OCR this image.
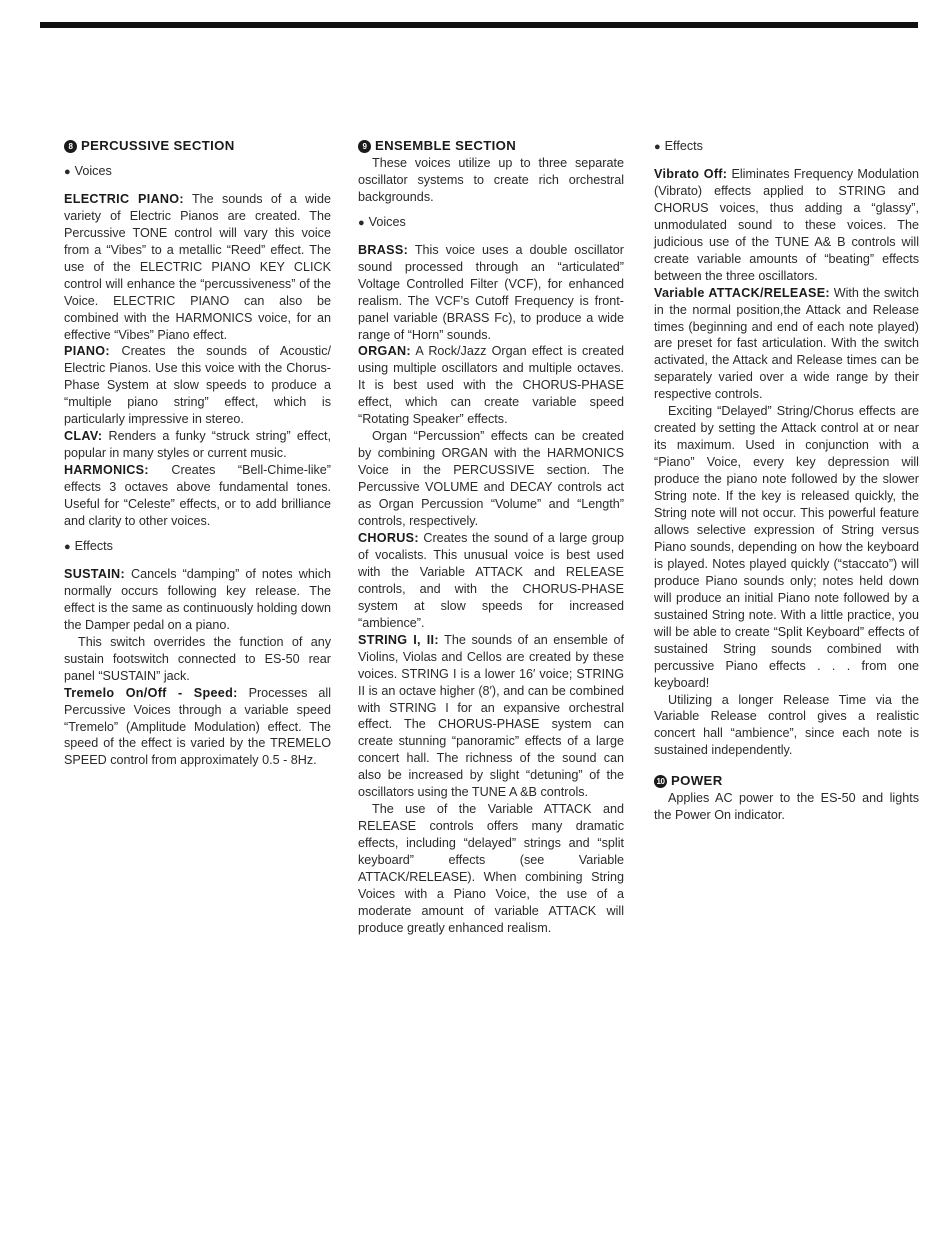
8 PERCUSSIVE SECTION

● Voices

ELECTRIC PIANO: The sounds of a wide variety of Electric Pianos are created. The Percussive TONE control will vary this voice from a “Vibes” to a metallic “Reed” effect. The use of the ELECTRIC PIANO KEY CLICK control will enhance the “percussiveness” of the Voice. ELECTRIC PIANO can also be combined with the HARMONICS voice, for an effective “Vibes” Piano effect.

PIANO: Creates the sounds of Acoustic/ Electric Pianos. Use this voice with the Chorus-Phase System at slow speeds to produce a “multiple piano string” effect, which is particularly impressive in stereo.

CLAV: Renders a funky “struck string” effect, popular in many styles or current music.

HARMONICS: Creates “Bell-Chime-like” effects 3 octaves above fundamental tones. Useful for “Celeste” effects, or to add brilliance and clarity to other voices.

● Effects

SUSTAIN: Cancels “damping” of notes which normally occurs following key release. The effect is the same as continuously holding down the Damper pedal on a piano.

This switch overrides the function of any sustain footswitch connected to ES-50 rear panel “SUSTAIN” jack.

Tremelo On/Off - Speed: Processes all Percussive Voices through a variable speed “Tremelo” (Amplitude Modulation) effect. The speed of the effect is varied by the TREMELO SPEED control from approximately 0.5 - 8Hz.

9 ENSEMBLE SECTION

These voices utilize up to three separate oscillator systems to create rich orchestral backgrounds.

● Voices

BRASS: This voice uses a double oscillator sound processed through an “articulated” Voltage Controlled Filter (VCF), for enhanced realism. The VCF’s Cutoff Frequency is front-panel variable (BRASS Fc), to produce a wide range of “Horn” sounds.

ORGAN: A Rock/Jazz Organ effect is created using multiple oscillators and multiple octaves. It is best used with the CHORUS-PHASE effect, which can create variable speed “Rotating Speaker” effects.

Organ “Percussion” effects can be created by combining ORGAN with the HARMONICS Voice in the PERCUSSIVE section. The Percussive VOLUME and DECAY controls act as Organ Percussion “Volume” and “Length” controls, respectively.

CHORUS: Creates the sound of a large group of vocalists. This unusual voice is best used with the Variable ATTACK and RELEASE controls, and with the CHORUS-PHASE system at slow speeds for increased “ambience”.

STRING I, II: The sounds of an ensemble of Violins, Violas and Cellos are created by these voices. STRING I is a lower 16′ voice; STRING II is an octave higher (8′), and can be combined with STRING I for an expansive orchestral effect. The CHORUS-PHASE system can create stunning “panoramic” effects of a large concert hall. The richness of the sound can also be increased by slight “detuning” of the oscillators using the TUNE A &B controls.

The use of the Variable ATTACK and RELEASE controls offers many dramatic effects, including “delayed” strings and “split keyboard” effects (see Variable ATTACK/RELEASE). When combining String Voices with a Piano Voice, the use of a moderate amount of variable ATTACK will produce greatly enhanced realism.

● Effects

Vibrato Off: Eliminates Frequency Modulation (Vibrato) effects applied to STRING and CHORUS voices, thus adding a “glassy”, unmodulated sound to these voices. The judicious use of the TUNE A& B controls will create variable amounts of “beating” effects between the three oscillators.

Variable ATTACK/RELEASE: With the switch in the normal position,the Attack and Release times (beginning and end of each note played) are preset for fast articulation. With the switch activated, the Attack and Release times can be separately varied over a wide range by their respective controls.

Exciting “Delayed” String/Chorus effects are created by setting the Attack control at or near its maximum. Used in conjunction with a “Piano” Voice, every key depression will produce the piano note followed by the slower String note. If the key is released quickly, the String note will not occur. This powerful feature allows selective expression of String versus Piano sounds, depending on how the keyboard is played. Notes played quickly (“staccato”) will produce Piano sounds only; notes held down will produce an initial Piano note followed by a sustained String note. With a little practice, you will be able to create “Split Keyboard” effects of sustained String sounds combined with percussive Piano effects . . . from one keyboard!

Utilizing a longer Release Time via the Variable Release control gives a realistic concert hall “ambience”, since each note is sustained independently.

10 POWER

Applies AC power to the ES-50 and lights the Power On indicator.
